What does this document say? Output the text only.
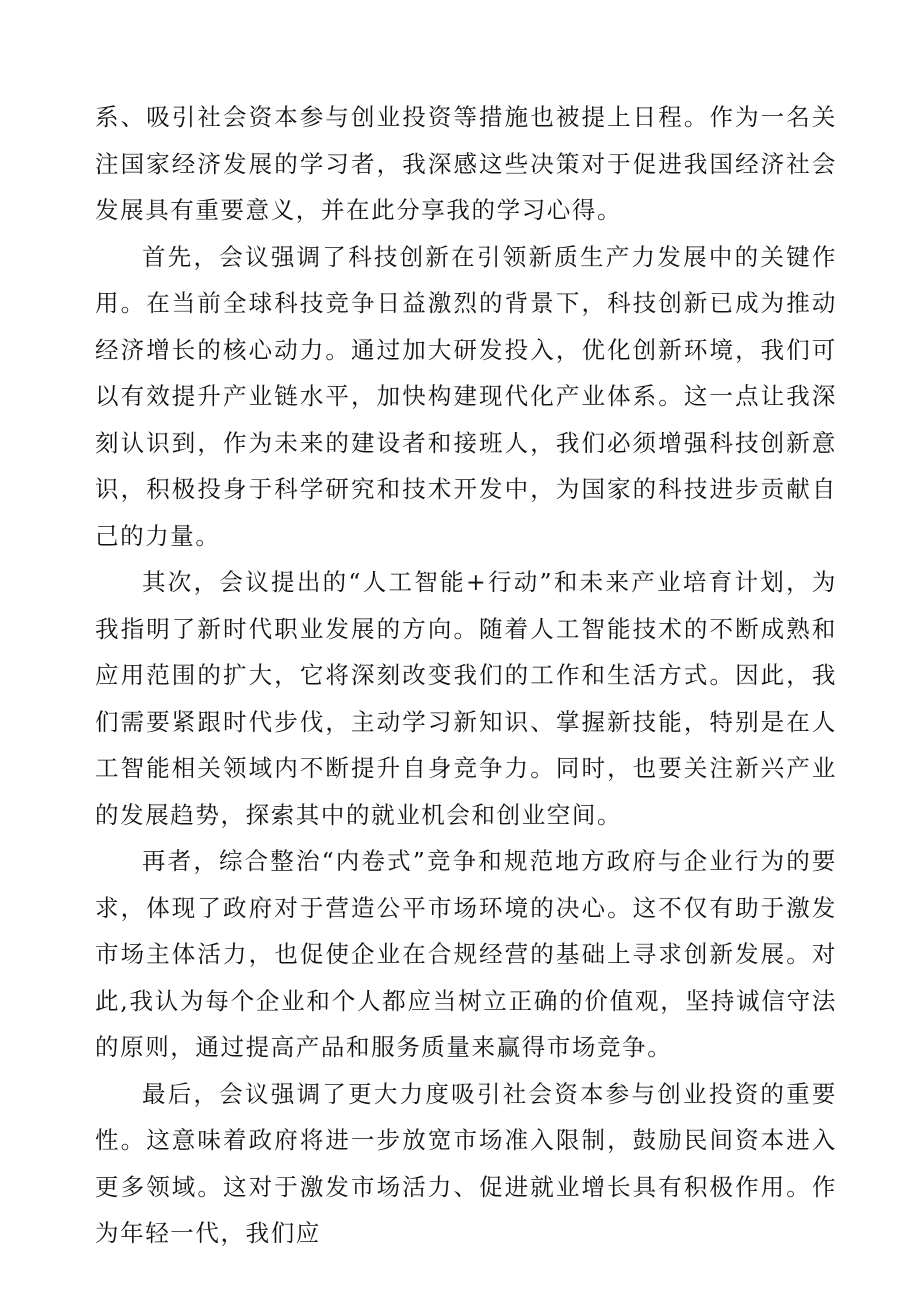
系、吸引社会资本参与创业投资等措施也被提上日程。作为一名关注国家经济发展的学习者，我深感这些决策对于促进我国经济社会发展具有重要意义，并在此分享我的学习心得。

首先，会议强调了科技创新在引领新质生产力发展中的关键作用。在当前全球科技竞争日益激烈的背景下，科技创新已成为推动经济增长的核心动力。通过加大研发投入，优化创新环境，我们可以有效提升产业链水平，加快构建现代化产业体系。这一点让我深刻认识到，作为未来的建设者和接班人，我们必须增强科技创新意识，积极投身于科学研究和技术开发中，为国家的科技进步贡献自己的力量。

其次，会议提出的“人工智能+行动”和未来产业培育计划，为我指明了新时代职业发展的方向。随着人工智能技术的不断成熟和应用范围的扩大，它将深刻改变我们的工作和生活方式。因此，我们需要紧跟时代步伐，主动学习新知识、掌握新技能，特别是在人工智能相关领域内不断提升自身竞争力。同时，也要关注新兴产业的发展趋势，探索其中的就业机会和创业空间。

再者，综合整治“内卷式”竞争和规范地方政府与企业行为的要求，体现了政府对于营造公平市场环境的决心。这不仅有助于激发市场主体活力，也促使企业在合规经营的基础上寻求创新发展。对此,我认为每个企业和个人都应当树立正确的价值观，坚持诚信守法的原则，通过提高产品和服务质量来赢得市场竞争。

最后，会议强调了更大力度吸引社会资本参与创业投资的重要性。这意味着政府将进一步放宽市场准入限制，鼓励民间资本进入更多领域。这对于激发市场活力、促进就业增长具有积极作用。作为年轻一代，我们应
